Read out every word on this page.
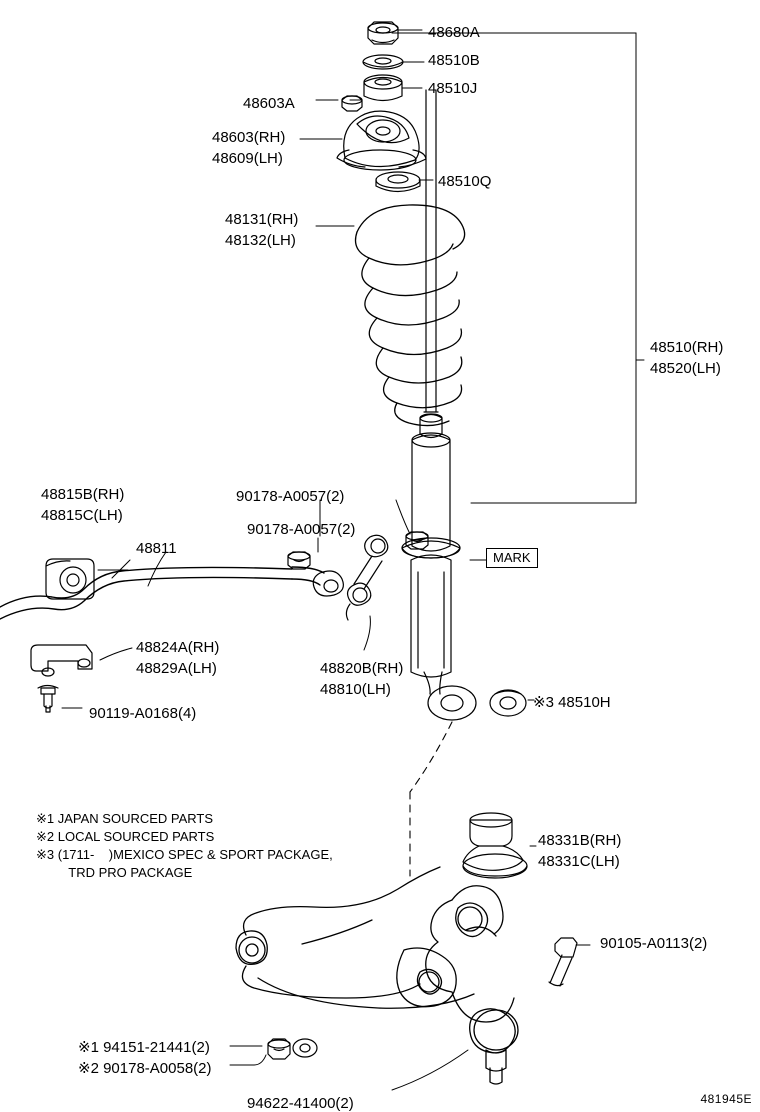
MARK
48680A
48510B
48510J
48603A
48603(RH)
48609(LH)
48510Q
48131(RH)
48132(LH)
48510(RH)
48520(LH)
48815B(RH)
48815C(LH)
90178-A0057(2)
90178-A0057(2)
48811
48824A(RH)
48829A(LH)	48820B(RH)
48810(LH)
90119-A0168(4)
※3 48510H
48331B(RH)
48331C(LH)
90105-A0113(2)
※1 94151-21441(2)
※2 90178-A0058(2)
94622-41400(2)
※1 JAPAN SOURCED PARTS
※2 LOCAL SOURCED PARTS
※3 (1711-    )MEXICO SPEC & SPORT PACKAGE,
TRD PRO PACKAGE
481945E
